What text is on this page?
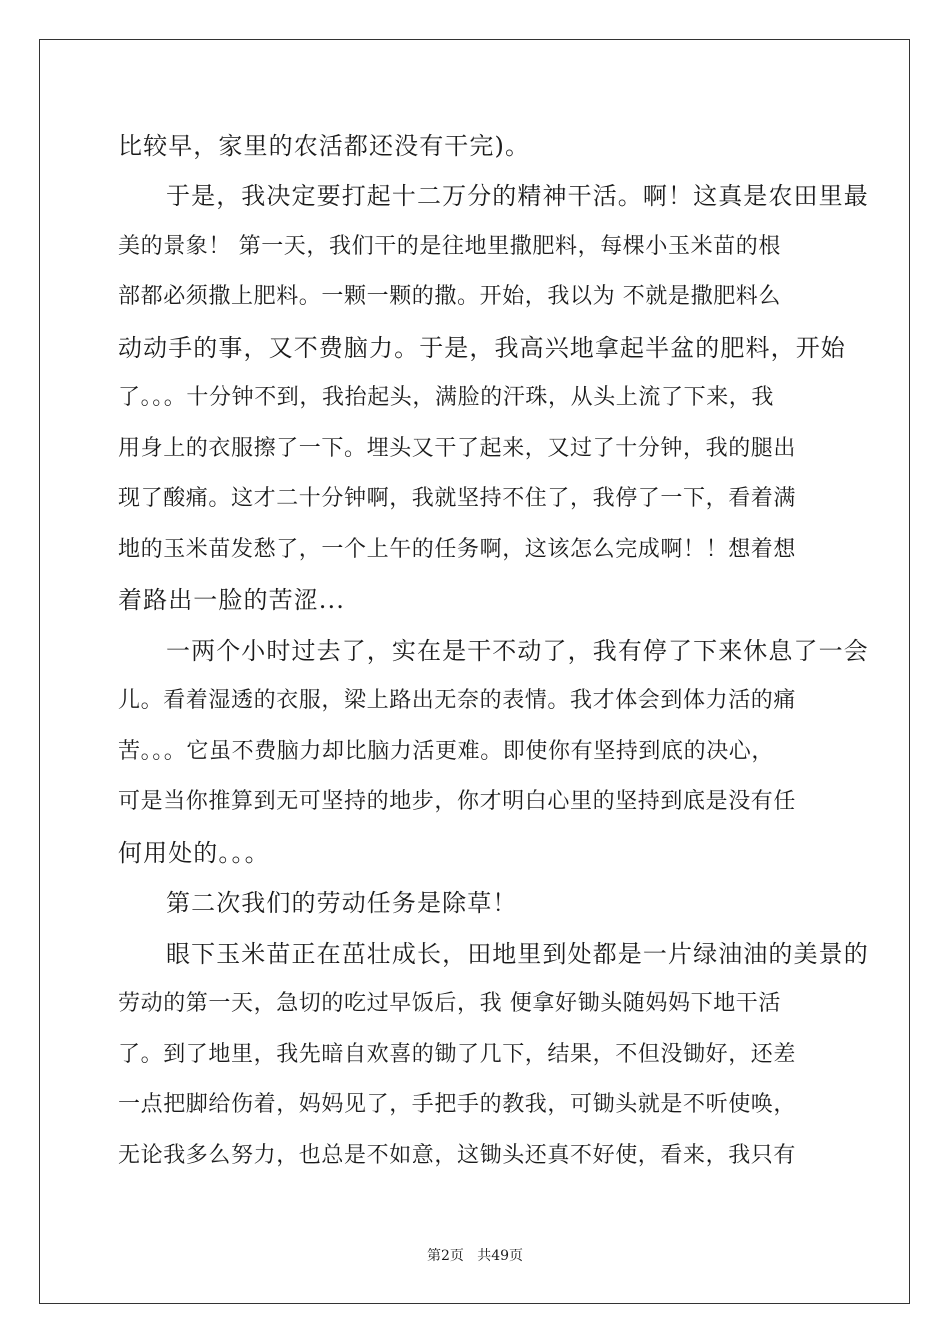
比较早，家里的农活都还没有干完)。
于是，我决定要打起十二万分的精神干活。啊！这真是农田里最
美的景象！ 第一天，我们干的是往地里撒肥料，每棵小玉米苗的根
部都必须撒上肥料。一颗一颗的撒。开始，我以为 不就是撒肥料么
动动手的事，又不费脑力。于是，我高兴地拿起半盆的肥料，开始
了。。。十分钟不到，我抬起头，满脸的汗珠，从头上流了下来，我
用身上的衣服擦了一下。埋头又干了起来，又过了十分钟，我的腿出
现了酸痛。这才二十分钟啊，我就坚持不住了，我停了一下，看着满
地的玉米苗发愁了，一个上午的任务啊，这该怎么完成啊！！想着想
着路出一脸的苦涩...
一两个小时过去了，实在是干不动了，我有停了下来休息了一会
儿。看着湿透的衣服，梁上路出无奈的表情。我才体会到体力活的痛
苦。。。它虽不费脑力却比脑力活更难。即使你有坚持到底的决心，
可是当你推算到无可坚持的地步，你才明白心里的坚持到底是没有任
何用处的。。。
第二次我们的劳动任务是除草！
眼下玉米苗正在茁壮成长，田地里到处都是一片绿油油的美景的
劳动的第一天，急切的吃过早饭后，我 便拿好锄头随妈妈下地干活
了。到了地里，我先暗自欢喜的锄了几下，结果，不但没锄好，还差
一点把脚给伤着，妈妈见了，手把手的教我，可锄头就是不听使唤，
无论我多么努力，也总是不如意，这锄头还真不好使，看来，我只有
第2页   共49页
